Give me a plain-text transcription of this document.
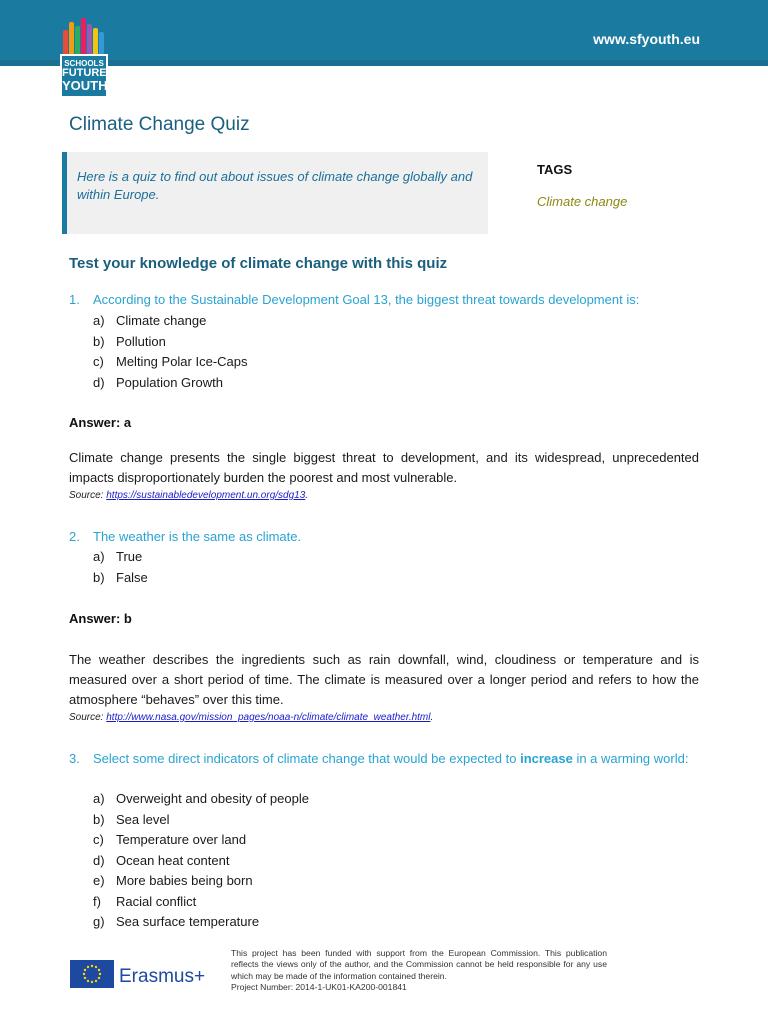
SCHOOLS
FUTURE
YOUTH
www.sfyouth.eu
Climate Change Quiz

Here is a quiz to find out about issues of climate change globally and within Europe.

TAGS
Climate change
Test your knowledge of climate change with this quiz
1. According to the Sustainable Development Goal 13, the biggest threat towards development is:
a) Climate change
b) Pollution
c) Melting Polar Ice-Caps
d) Population Growth
Answer: a

Climate change presents the single biggest threat to development, and its widespread, unprecedented impacts disproportionately burden the poorest and most vulnerable.

Source: https://sustainabledevelopment.un.org/sdg13.
2. The weather is the same as climate.
a) True
b) False
Answer: b

The weather describes the ingredients such as rain downfall, wind, cloudiness or temperature and is measured over a short period of time. The climate is measured over a longer period and refers to how the atmosphere “behaves” over this time.

Source: http://www.nasa.gov/mission_pages/noaa-n/climate/climate_weather.html.
3. Select some direct indicators of climate change that would be expected to increase in a warming world:
a) Overweight and obesity of people
b) Sea level
c) Temperature over land
d) Ocean heat content
e) More babies being born
f) Racial conflict
g) Sea surface temperature
Erasmus+
This project has been funded with support from the European Commission. This publication reflects the views only of the author, and the Commission cannot be held responsible for any use which may be made of the information contained therein.
Project Number: 2014-1-UK01-KA200-001841
